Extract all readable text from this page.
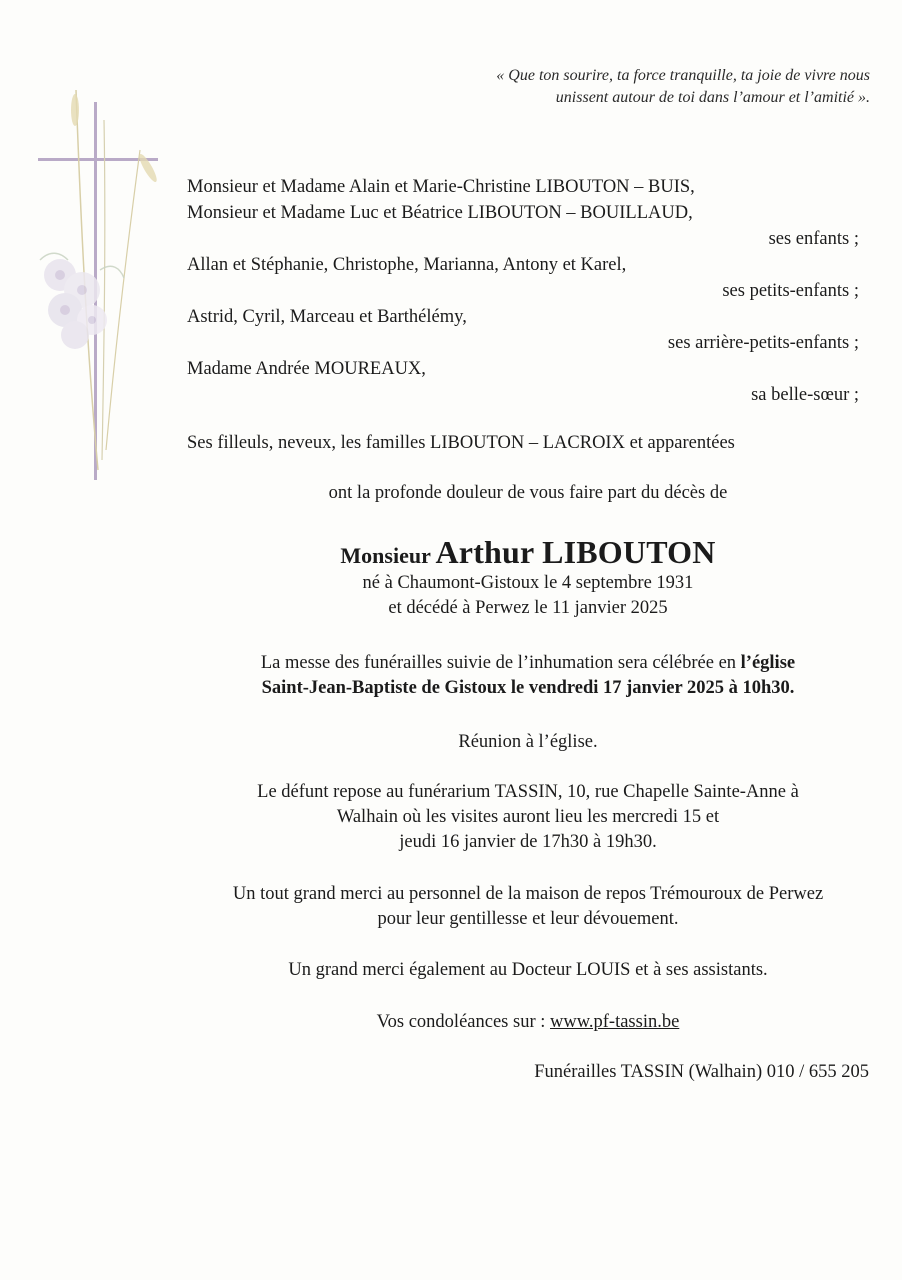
« Que ton sourire, ta force tranquille, ta joie de vivre nous
unissent autour de toi dans l’amour et l’amitié ».
Monsieur et Madame Alain et Marie-Christine LIBOUTON – BUIS,
Monsieur et Madame Luc et Béatrice LIBOUTON – BOUILLAUD,
ses enfants ;
Allan et Stéphanie, Christophe, Marianna, Antony et Karel,
ses petits-enfants ;
Astrid, Cyril, Marceau et Barthélémy,
ses arrière-petits-enfants ;
Madame Andrée MOUREAUX,
sa belle-sœur ;
Ses filleuls, neveux, les familles LIBOUTON – LACROIX et apparentées
ont la profonde douleur de vous faire part du décès de
Monsieur Arthur LIBOUTON
né à Chaumont-Gistoux le 4 septembre 1931
et décédé à Perwez le 11 janvier 2025
La messe des funérailles suivie de l’inhumation sera célébrée en l’église
Saint-Jean-Baptiste de Gistoux le vendredi 17 janvier 2025 à 10h30.
Réunion à l’église.
Le défunt repose au funérarium TASSIN, 10, rue Chapelle Sainte-Anne à
Walhain où les visites auront lieu les mercredi 15 et
jeudi 16 janvier de 17h30 à 19h30.
Un tout grand merci au personnel de la maison de repos Trémouroux de Perwez
pour leur gentillesse et leur dévouement.
Un grand merci également au Docteur LOUIS et à ses assistants.
Vos condoléances sur : www.pf-tassin.be
Funérailles TASSIN (Walhain) 010 / 655 205
